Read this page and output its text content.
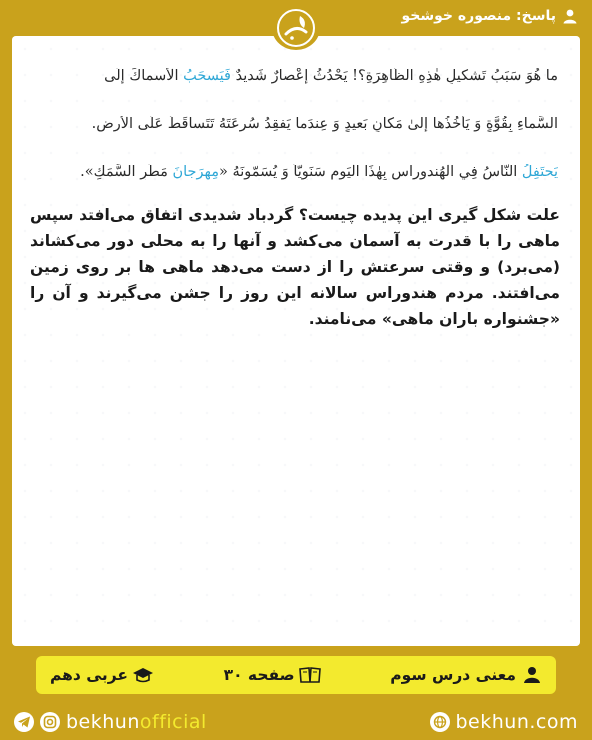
پاسخ: منصوره خوشخو
ما هُوَ سَبَبُ تَشكيلِ هٰذِهِ الظّاهِرَةِ؟! يَحْدُثُ إعْصارٌ شَديدٌ فَيَسحَبُ الْأَسماكَ إلَى
السَّماءِ بِقُوَّةٍ وَ يَأخُذُها إلىٰ مَكانٍ بَعيدٍ وَ عِندَما يَفقِدُ سُرعَتَهُ تَتَساقَطُ عَلَى الْأرضِ.
يَحتَفِلُ النّاسُ فِي الْهُندوراس بِهٰذَا الْيَومِ سَنَوِيّاً وَ يُسَمّونَهُ «مِهرَجانَ مَطَرِ السَّمَكِ».
علت شکل گیری این پدیده چیست؟ گردباد شدیدی اتفاق می‌افتد سپس ماهی را با قدرت به آسمان می‌کشد و آنها را به محلی دور می‌کشاند (می‌برد) و وقتی سرعتش را از دست می‌دهد ماهی ها بر روی زمین می‌افتند. مردم هندوراس سالانه این روز را جشن می‌گیرند و آن را «جشنواره باران ماهی» می‌نامند.
معنی درس سوم
صفحه ۳۰
عربی دهم
bekhunofficial	bekhun.com
